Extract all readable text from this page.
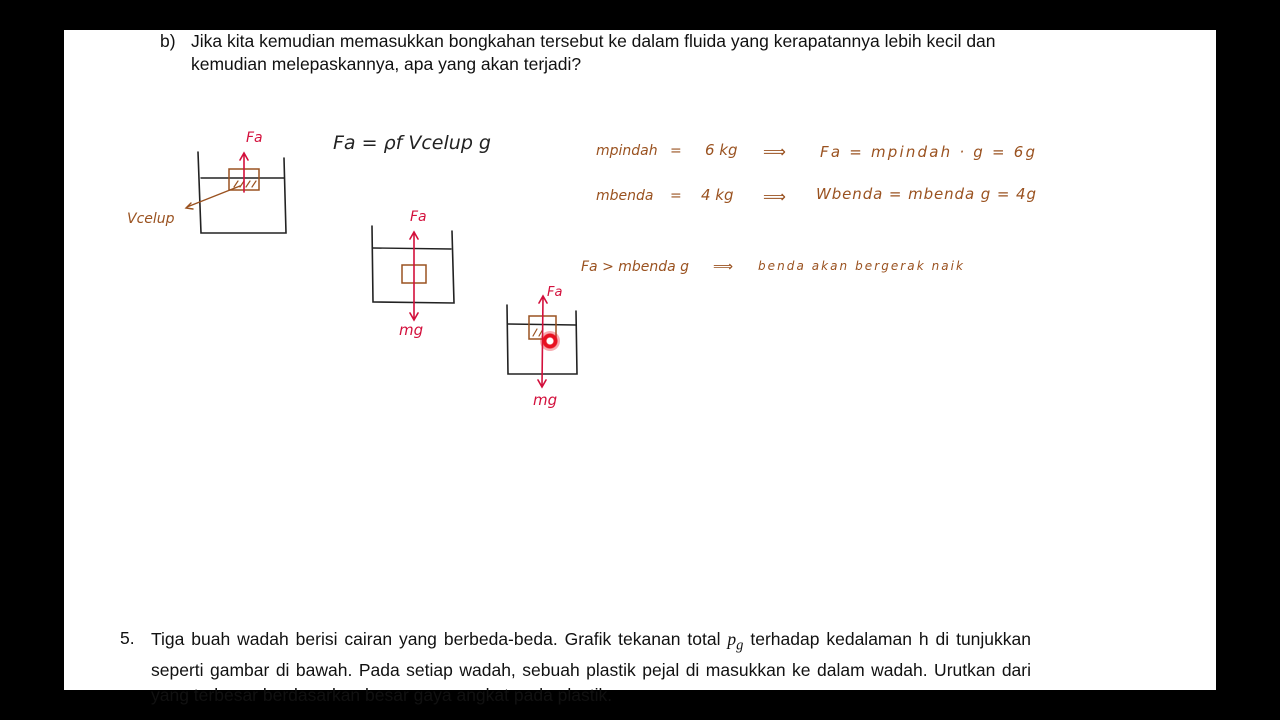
b) Jika kita kemudian memasukkan bongkahan tersebut ke dalam fluida yang kerapatannya lebih kecil dan kemudian melepaskannya, apa yang akan terjadi?
Fa
Vcelup
Fa = ρf Vcelup g
Fa
mg
Fa
mg
mpindah = 6 kg ⟹ Fa = mpindah · g = 6g
mbenda = 4 kg ⟹ Wbenda = mbenda g = 4g
Fa > mbenda g ⟹ benda akan bergerak naik
5. Tiga buah wadah berisi cairan yang berbeda-beda. Grafik tekanan total $p_g$ terhadap kedalaman h di tunjukkan seperti gambar di bawah. Pada setiap wadah, sebuah plastik pejal di masukkan ke dalam wadah. Urutkan dari yang terbesar berdasarkan besar gaya angkat pada plastik.
